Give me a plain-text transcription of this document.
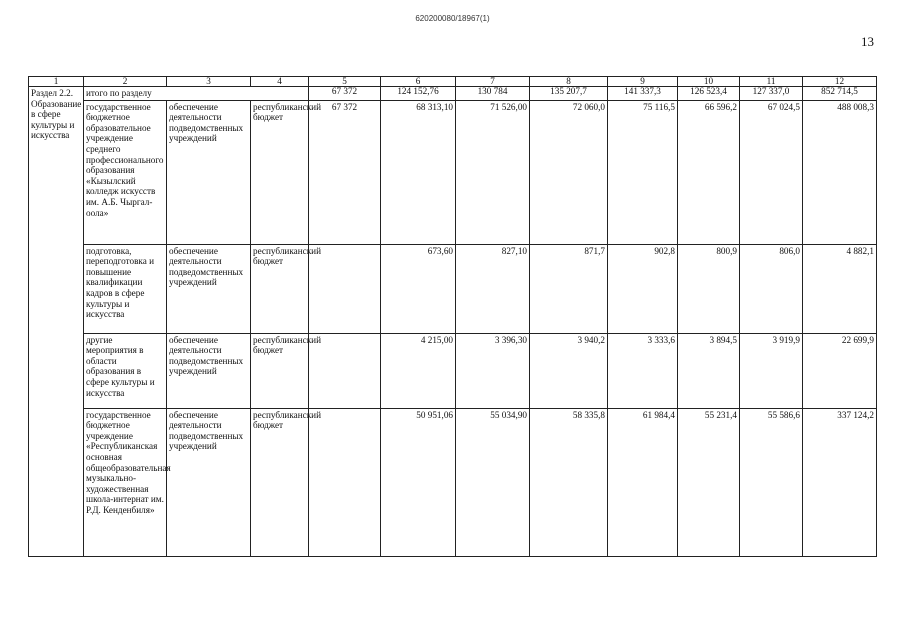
620200080/18967(1)
13
1	2	3	4	5	6	7	8	9	10	11	12
Раздел 2.2. Образование в сфере культуры и искусства	итого по разделу			67 372	124 152,76	130 784	135 207,7	141 337,3	126 523,4	127 337,0	852 714,5
	государственное бюджетное образовательное учреждение среднего профессионального образования «Кызылский колледж искусств им. А.Б. Чыргал-оола»	обеспечение деятельности подведомственных учреждений	республиканский бюджет	67 372	68 313,10	71 526,00	72 060,0	75 116,5	66 596,2	67 024,5	488 008,3
	подготовка, переподготовка и повышение квалификации кадров в сфере культуры и искусства	обеспечение деятельности подведомственных учреждений	республиканский бюджет		673,60	827,10	871,7	902,8	800,9	806,0	4 882,1
	другие мероприятия в области образования в сфере культуры и искусства	обеспечение деятельности подведомственных учреждений	республиканский бюджет		4 215,00	3 396,30	3 940,2	3 333,6	3 894,5	3 919,9	22 699,9
	государственное бюджетное учреждение «Республиканская основная общеобразовательная музыкально-художественная школа-интернат им. Р.Д. Кенденбиля»	обеспечение деятельности подведомственных учреждений	республиканский бюджет		50 951,06	55 034,90	58 335,8	61 984,4	55 231,4	55 586,6	337 124,2
